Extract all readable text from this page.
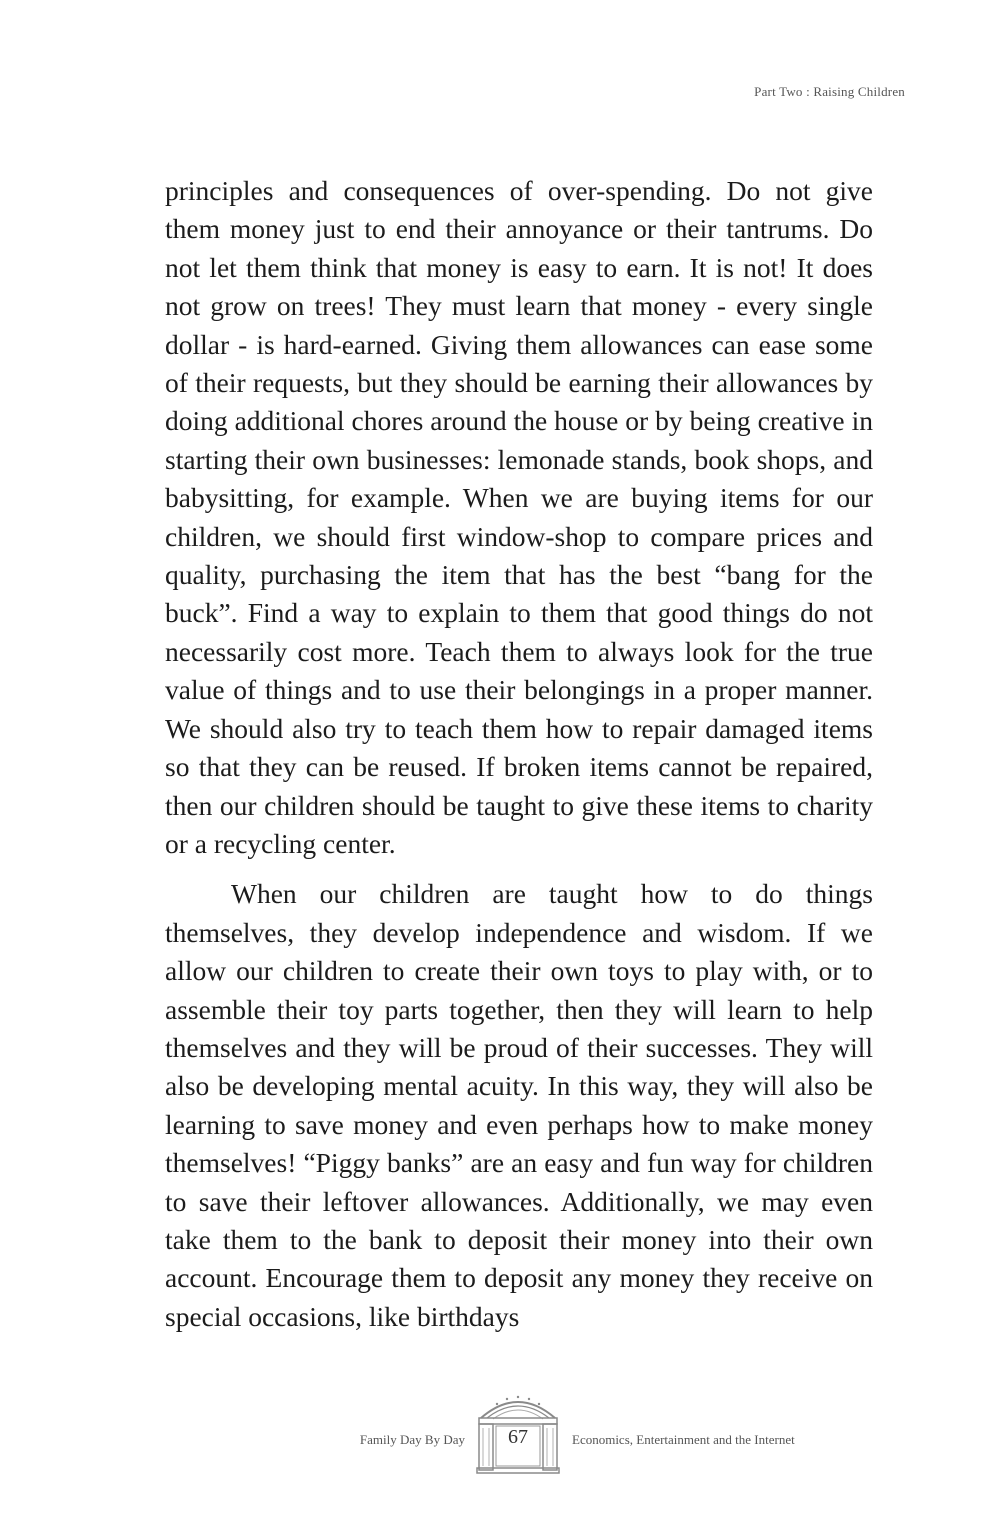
Part Two : Raising Children

principles and consequences of over-spending. Do not give them money just to end their annoyance or their tantrums. Do not let them think that money is easy to earn. It is not! It does not grow on trees! They must learn that money - every single dollar - is hard-earned. Giving them allowances can ease some of their requests, but they should be earning their allowances by doing additional chores around the house or by being creative in starting their own businesses: lemonade stands, book shops, and babysitting, for example. When we are buying items for our children, we should first window-shop to compare prices and quality, purchasing the item that has the best “bang for the buck”. Find a way to explain to them that good things do not necessarily cost more. Teach them to always look for the true value of things and to use their belongings in a proper manner. We should also try to teach them how to repair damaged items so that they can be reused. If broken items cannot be repaired, then our children should be taught to give these items to charity or a recycling center.

When our children are taught how to do things themselves, they develop independence and wisdom. If we allow our children to create their own toys to play with, or to assemble their toy parts together, then they will learn to help themselves and they will be proud of their successes. They will also be developing mental acuity. In this way, they will also be learning to save money and even perhaps how to make money themselves! “Piggy banks” are an easy and fun way for children to save their leftover allowances. Additionally, we may even take them to the bank to deposit their money into their own account. Encourage them to deposit any money they receive on special occasions, like birthdays

Family Day By Day	67	Economics, Entertainment and the Internet
